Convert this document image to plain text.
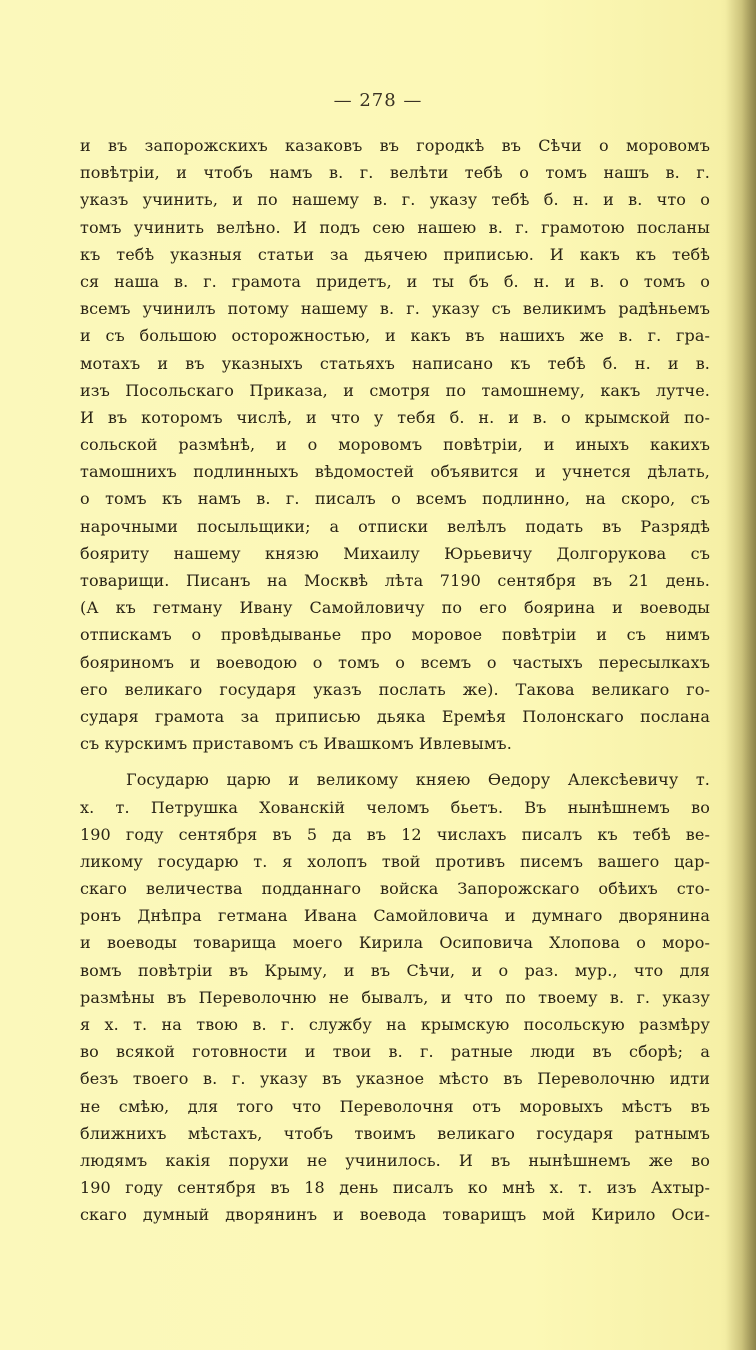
— 278 —
и въ запорожскихъ казаковъ въ городкѣ въ Сѣчи о моровомъ
повѣтріи, и чтобъ намъ в. г. велѣти тебѣ о томъ нашъ в. г.
указъ учинить, и по нашему в. г. указу тебѣ б. н. и в. что о
томъ учинить велѣно. И подъ сею нашею в. г. грамотою посланы
къ тебѣ указныя статьи за дьячею приписью. И какъ къ тебѣ
ся наша в. г. грамота придетъ, и ты бъ б. н. и в. о томъ о
всемъ учинилъ потому нашему в. г. указу съ великимъ радѣньемъ
и съ большою осторожностью, и какъ въ нашихъ же в. г. гра-
мотахъ и въ указныхъ статьяхъ написано къ тебѣ б. н. и в.
изъ Посольскаго Приказа, и смотря по тамошнему, какъ лутче.
И въ которомъ числѣ, и что у тебя б. н. и в. о крымской по-
сольской размѣнѣ, и о моровомъ повѣтріи, и иныхъ какихъ
тамошнихъ подлинныхъ вѣдомостей объявится и учнется дѣлать,
о томъ къ намъ в. г. писалъ о всемъ подлинно, на скоро, съ
нарочными посыльщики; а отписки велѣлъ подать въ Разрядѣ
бояриту нашему князю Михаилу Юрьевичу Долгорукова съ
товарищи. Писанъ на Москвѣ лѣта 7190 сентября въ 21 день.
(А къ гетману Ивану Самойловичу по его боярина и воеводы
отпискамъ о провѣдыванье про моровое повѣтріи и съ нимъ
бояриномъ и воеводою о томъ о всемъ о частыхъ пересылкахъ
его великаго государя указъ послать же). Такова великаго го-
сударя грамота за приписью дьяка Еремѣя Полонскаго послана
съ курскимъ приставомъ съ Ивашкомъ Ивлевымъ.
Государю царю и великому княею Ѳедору Алексѣевичу т.
х. т. Петрушка Хованскій челомъ бьетъ. Въ нынѣшнемъ во
190 году сентября въ 5 да въ 12 числахъ писалъ къ тебѣ ве-
ликому государю т. я холопъ твой противъ писемъ вашего цар-
скаго величества подданнаго войска Запорожскаго обѣихъ сто-
ронъ Днѣпра гетмана Ивана Самойловича и думнаго дворянина
и воеводы товарища моего Кирила Осиповича Хлопова о моро-
вомъ повѣтріи въ Крыму, и въ Сѣчи, и о раз. мур., что для
размѣны въ Переволочню не бывалъ, и что по твоему в. г. указу
я х. т. на твою в. г. службу на крымскую посольскую размѣру
во всякой готовности и твои в. г. ратные люди въ сборѣ; а
безъ твоего в. г. указу въ указное мѣсто въ Переволочню идти
не смѣю, для того что Переволочня отъ моровыхъ мѣстъ въ
ближнихъ мѣстахъ, чтобъ твоимъ великаго государя ратнымъ
людямъ какія порухи не учинилось. И въ нынѣшнемъ же во
190 году сентября въ 18 день писалъ ко мнѣ х. т. изъ Ахтыр-
скаго думный дворянинъ и воевода товарищъ мой Кирило Оси-
